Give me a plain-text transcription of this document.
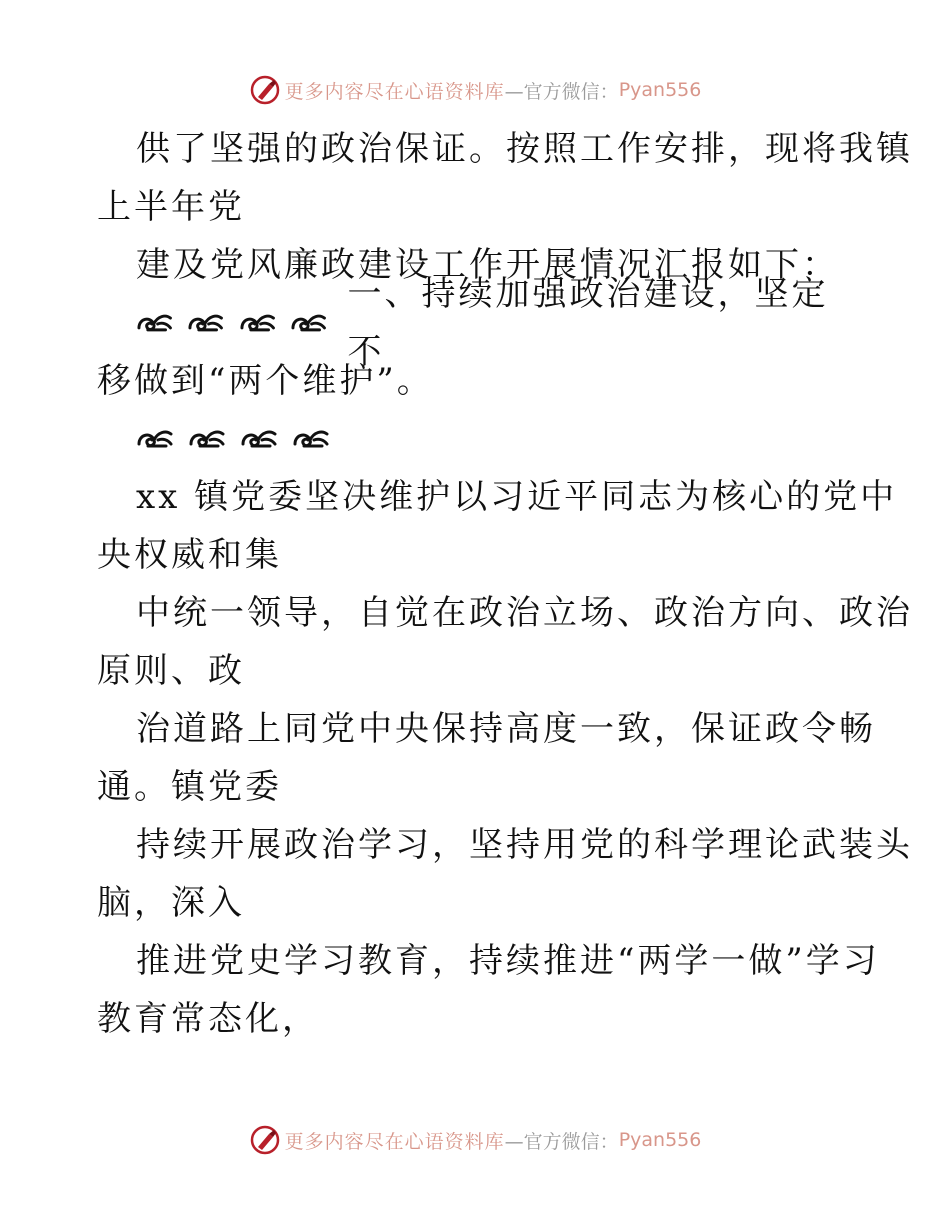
更多内容尽在心语资料库 —官方微信： Pyan556
供了坚强的政治保证。按照工作安排，现将我镇
上半年党
建及党风廉政建设工作开展情况汇报如下：
一、持续加强政治建设，坚定不
移做到“两个维护”。
xx 镇党委坚决维护以习近平同志为核心的党中
央权威和集
中统一领导，自觉在政治立场、政治方向、政治
原则、政
治道路上同党中央保持高度一致，保证政令畅
通。镇党委
持续开展政治学习，坚持用党的科学理论武装头
脑，深入
推进党史学习教育，持续推进“两学一做”学习
教育常态化，
更多内容尽在心语资料库 —官方微信： Pyan556
